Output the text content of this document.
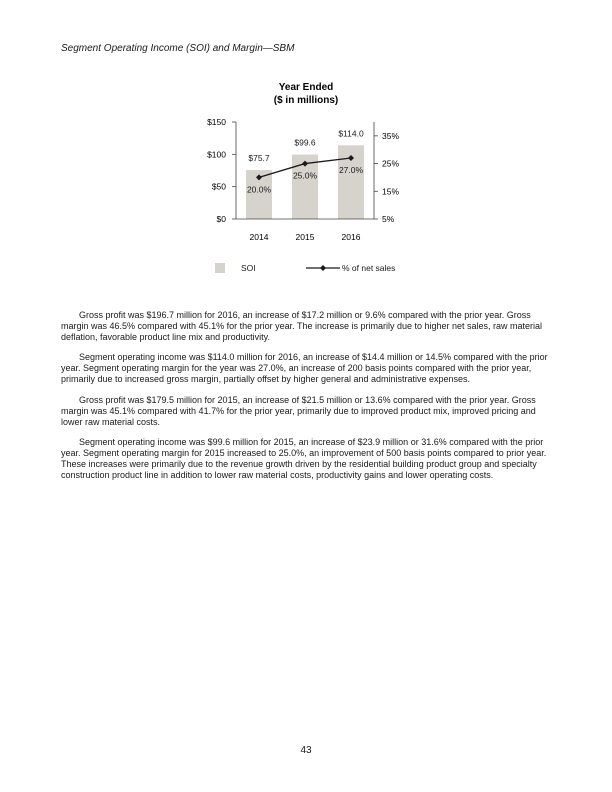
Segment Operating Income (SOI) and Margin—SBM
Year Ended
($ in millions)
$75.7
$99.6
$114.0
$0
$50
$100
$150
5%
15%
25%
35%
2014	2015	2016
20.0%
25.0%
27.0%
SOI	% of net sales

Gross profit was $196.7 million for 2016, an increase of $17.2 million or 9.6% compared with the prior year. Gross margin was 46.5% compared with 45.1% for the prior year. The increase is primarily due to higher net sales, raw material deflation, favorable product line mix and productivity.

Segment operating income was $114.0 million for 2016, an increase of $14.4 million or 14.5% compared with the prior year. Segment operating margin for the year was 27.0%, an increase of 200 basis points compared with the prior year, primarily due to increased gross margin, partially offset by higher general and administrative expenses.

Gross profit was $179.5 million for 2015, an increase of $21.5 million or 13.6% compared with the prior year. Gross margin was 45.1% compared with 41.7% for the prior year, primarily due to improved product mix, improved pricing and lower raw material costs.

Segment operating income was $99.6 million for 2015, an increase of $23.9 million or 31.6% compared with the prior year. Segment operating margin for 2015 increased to 25.0%, an improvement of 500 basis points compared to prior year. These increases were primarily due to the revenue growth driven by the residential building product group and specialty construction product line in addition to lower raw material costs, productivity gains and lower operating costs.

43
